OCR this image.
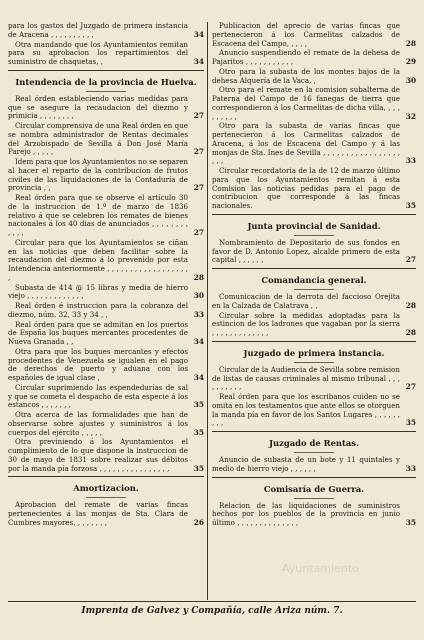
para los gastos del Juzgado de primera instancia de Aracena , , , , , , , , , ,	34
Otra mandando que los Ayuntamientos remitan para su aprobacion los repartimientos del suministro de chaquetas, ,	34
Intendencia de la provincia de Huelva.
Real órden estableciendo varias medidas para que se asegure la recaudacion del diezmo y primicia , , , , , , , ,	27
Circular comprensiva de una Real órden en que se nombra administrador de Rentas decimales del Arzobispado de Sevilla á Don José María Parejo , , , , ,	27
Idem para que los Ayuntamientos no se separen al hacer el reparto de la contribucion de frutos civiles de las liquidaciones de la Contaduría de provincia , ,	27
Real órden para que se observe el artículo 30 de la instruccion de 1.º de marzo de 1836 relativo á que se celebren los remates de bienes nacionales á los 40 dias de anunciados , , , , , , , , , , , ,	27
Circular para que los Ayuntamientos se ciñan en las noticias que deben facilitar sobre la recaudacion del diezmo á lo prevenido por esta Intendencia anteriormente , , , , , , , , , , , , , , , , , , ,	28
Subasta de 414 @ 15 libras y media de hierro viejo , , , , , , , , , , , , ,	30
Real órden é instruccion para la cobranza del diezmo, núm. 32, 33 y 34 , ,	33
Real órden para que se admitan en los puertos de España los buques mercantes procedentes de Nueva Granada , ,	34
Otra para que los buques mercantes y efectos procedentes de Venezuela se igualen en el pago de derechos de puerto y aduana con los españoles de igual clase ,	34
Circular suprimiendo las espendedurías de sal y que se cometa el despacho de esta especie á los estancos , , , , , , ,	35
Otra acerca de las formalidades que han de observarse sobre ajustes y suministros á los cuerpos del ejército , , , , ,	35
Otra previniendo á los Ayuntamientos el cumplimiento de lo que dispone la instruccion de 30 de mayo de 1831 sobre realizar sus débitos por la manda pía forzosa , , , , , , , , , , , , , , , ,	35
Amortizacion.
Aprobacion del remate de varias fincas pertenecientes á las monjas de Sta. Clara de Cumbres mayores, , , , , , , ,	26
Publicacion del aprecio de varias fincas que pertenecieron á los Carmelitas calzados de Escacena del Campo, , , , ,	28
Anuncio suspendiendo el remate de la dehesa de Pajaritos , , , , , , , , , , ,	29
Otro para la subasta de los montes bajos de la dehesa Alquería de la Vaca, ,	30
Otro para el remate en la comision subalterna de Paterna del Campo de 16 fanegas de tierra que correspondieron á los Carmelitas de dicha villa, , , , , , , , , ,	32
Otro para la subasta de varias fincas que pertenecieron á los Carmelitas calzados de Aracena, á los de Escacena del Campo y á las monjas de Sta. Ines de Sevilla , , , , , , , , , , , , , , , , , , , ,	33
Circular recordatoria de la de 12 de marzo último para que los Ayuntamientos remitan á esta Comision las noticias pedidas para el pago de contribucion que corresponde á las fincas nacionales.	35
Junta provincial de Sanidad.
Nombramiento de Depositario de sus fondos en favor de D. Antonio Lopez, alcalde primero de esta capital , , , , , ,	27
Comandancia general.
Comunicacion de la derrota del faccioso Orejita en la Calzada de Calatrava , ,	28
Circular sobre la medidas adoptadas para la estincion de los ladrones que vagaban por la sierra , , , , , , , , , , , , ,	28
Juzgado de primera instancia.
Circular de la Audiencia de Sevilla sobre remision de listas de causas criminales al mismo tribunal , , , , , , , , , ,	27
Real órden para que los escribanos cuiden no se omita en los testamentos que ante ellos se otorguen la manda pía en favor de los Santos Lugares , , , , , , , , ,	35
Juzgado de Rentas.
Anuncio de subasta de un bote y 11 quintales y medio de hierro viejo , , , , , ,	33
Comisaría de Guerra.
Relacion de las liquidaciones de suministros hechos por los pueblos de la provincia en junio último , , , , , , , , , , , , , ,	35
Ayuntamiento
Imprenta de Galvez y Compañía, calle Ariza núm. 7.
